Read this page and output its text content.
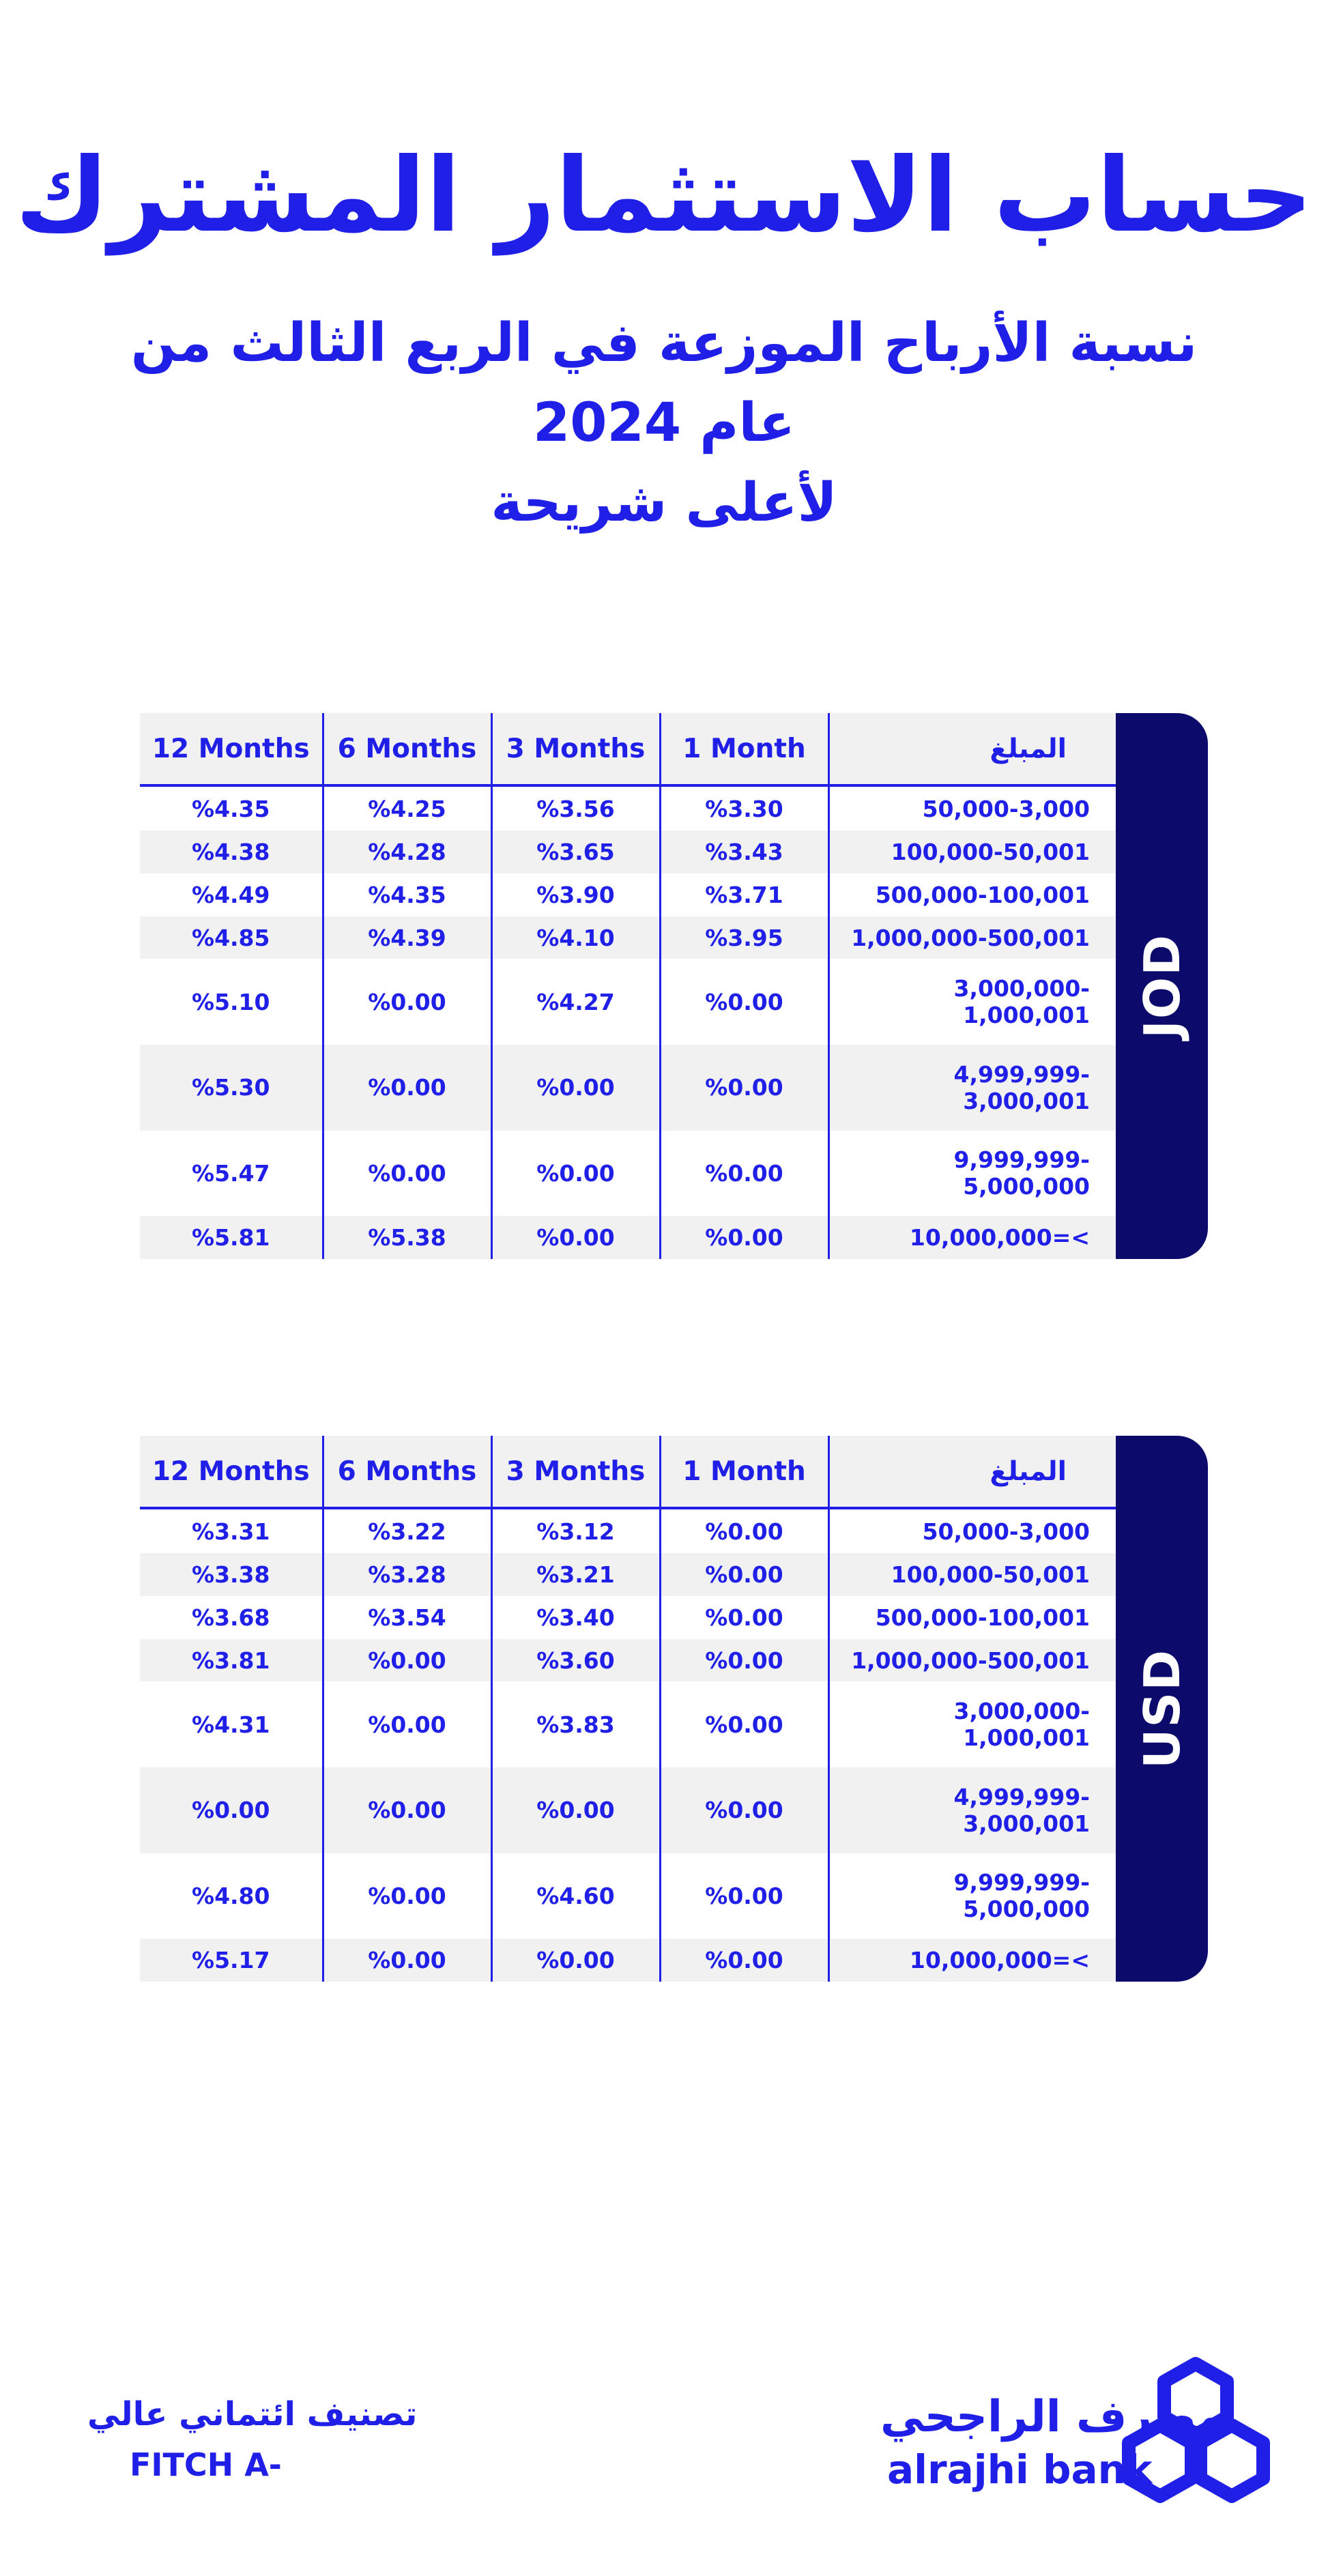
حساب الاستثمار المشترك
نسبة الأرباح الموزعة في الربع الثالث من عام 2024
لأعلى شريحة
JOD
12 Months	6 Months	3 Months	1 Month	المبلغ
%4.35	%4.25	%3.56	%3.30	50,000-3,000
%4.38	%4.28	%3.65	%3.43	100,000-50,001
%4.49	%4.35	%3.90	%3.71	500,000-100,001
%4.85	%4.39	%4.10	%3.95	1,000,000-500,001
%5.10	%0.00	%4.27	%0.00	3,000,000-1,000,001
%5.30	%0.00	%0.00	%0.00	4,999,999-3,000,001
%5.47	%0.00	%0.00	%0.00	9,999,999-5,000,000
%5.81	%5.38	%0.00	%0.00	10,000,000=<
USD
12 Months	6 Months	3 Months	1 Month	المبلغ
%3.31	%3.22	%3.12	%0.00	50,000-3,000
%3.38	%3.28	%3.21	%0.00	100,000-50,001
%3.68	%3.54	%3.40	%0.00	500,000-100,001
%3.81	%0.00	%3.60	%0.00	1,000,000-500,001
%4.31	%0.00	%3.83	%0.00	3,000,000-1,000,001
%0.00	%0.00	%0.00	%0.00	4,999,999-3,000,001
%4.80	%0.00	%4.60	%0.00	9,999,999-5,000,000
%5.17	%0.00	%0.00	%0.00	10,000,000=<
تصنيف ائتماني عالي
FITCH A-
مصرف الراجحي
alrajhi bank
